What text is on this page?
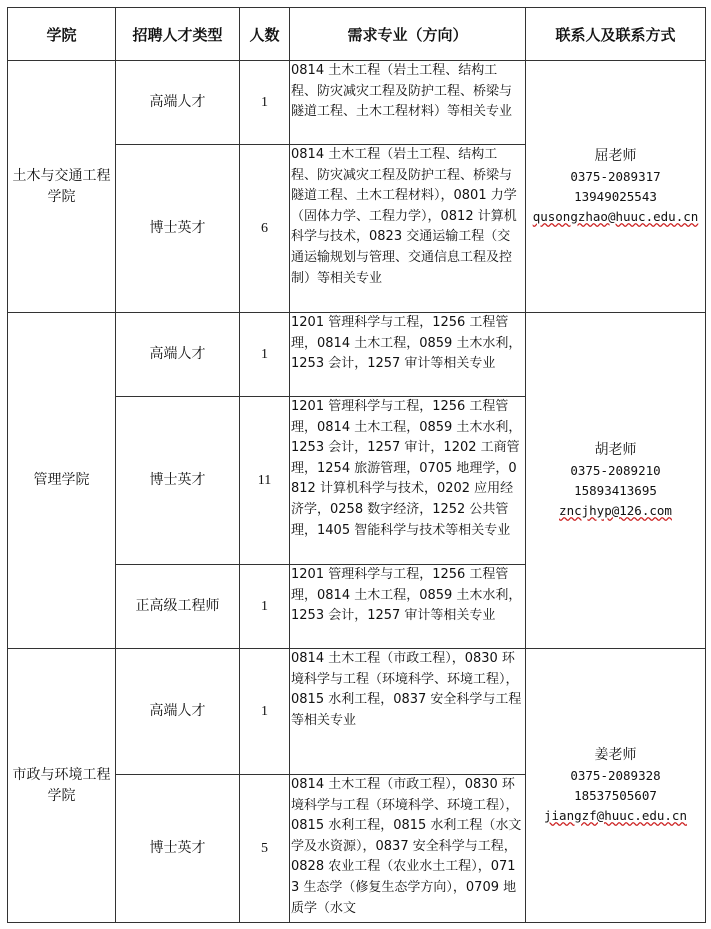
学院	招聘人才类型	人数	需求专业（方向）	联系人及联系方式
土木与交通工程学院	高端人才	1	0814 土木工程（岩土工程、结构工程、防灾减灾工程及防护工程、桥梁与隧道工程、土木工程材料）等相关专业	屈老师
0375-2089317
13949025543
qusongzhao@huuc.edu.cn

	博士英才	6	0814 土木工程（岩土工程、结构工程、防灾减灾工程及防护工程、桥梁与隧道工程、土木工程材料），0801 力学（固体力学、工程力学），0812 计算机科学与技术，0823 交通运输工程（交通运输规划与管理、交通信息工程及控制）等相关专业	
管理学院	高端人才	1	1201 管理科学与工程，1256 工程管理，0814 土木工程，0859 土木水利，1253 会计，1257 审计等相关专业	胡老师
0375-2089210
15893413695
zncjhyp@126.com

	博士英才	11	1201 管理科学与工程，1256 工程管理，0814 土木工程，0859 土木水利，1253 会计，1257 审计，1202 工商管理，1254 旅游管理，0705 地理学，0812 计算机科学与技术，0202 应用经济学，0258 数字经济，1252 公共管理，1405 智能科学与技术等相关专业	
	正高级工程师	1	1201 管理科学与工程，1256 工程管理，0814 土木工程，0859 土木水利，1253 会计，1257 审计等相关专业	
市政与环境工程学院	高端人才	1	0814 土木工程（市政工程），0830 环境科学与工程（环境科学、环境工程），0815 水利工程，0837 安全科学与工程等相关专业	姜老师
0375-2089328
18537505607
jiangzf@huuc.edu.cn

	博士英才	5	0814 土木工程（市政工程），0830 环境科学与工程（环境科学、环境工程），0815 水利工程，0815 水利工程（水文学及水资源），0837 安全科学与工程，0828 农业工程（农业水土工程），0713 生态学（修复生态学方向），0709 地质学（水文	
